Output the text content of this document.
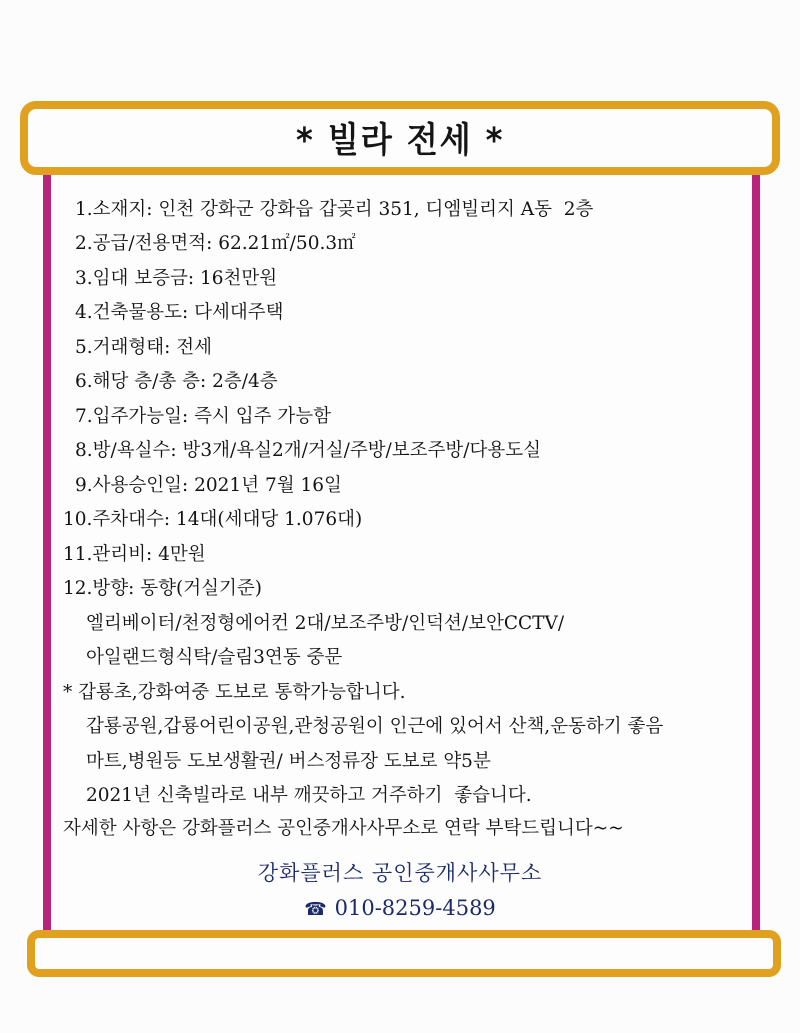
* 빌라 전세 *
1.소재지: 인천 강화군 강화읍 갑곶리 351, 디엠빌리지 A동  2층
2.공급/전용면적: 62.21㎡/50.3㎡
3.임대 보증금: 16천만원
4.건축물용도: 다세대주택
5.거래형태: 전세
6.해당 층/총 층: 2층/4층
7.입주가능일: 즉시 입주 가능함
8.방/욕실수: 방3개/욕실2개/거실/주방/보조주방/다용도실
9.사용승인일: 2021년 7월 16일
10.주차대수: 14대(세대당 1.076대)
11.관리비: 4만원
12.방향: 동향(거실기준)
엘리베이터/천정형에어컨 2대/보조주방/인덕션/보안CCTV/
아일랜드형식탁/슬림3연동 중문
* 갑룡초,강화여중 도보로 통학가능합니다.
갑룡공원,갑룡어린이공원,관청공원이 인근에 있어서 산책,운동하기 좋음
마트,병원등 도보생활권/ 버스정류장 도보로 약5분
2021년 신축빌라로 내부 깨끗하고 거주하기  좋습니다.
자세한 사항은 강화플러스 공인중개사사무소로 연락 부탁드립니다~~
강화플러스 공인중개사사무소
☎ 010-8259-4589
